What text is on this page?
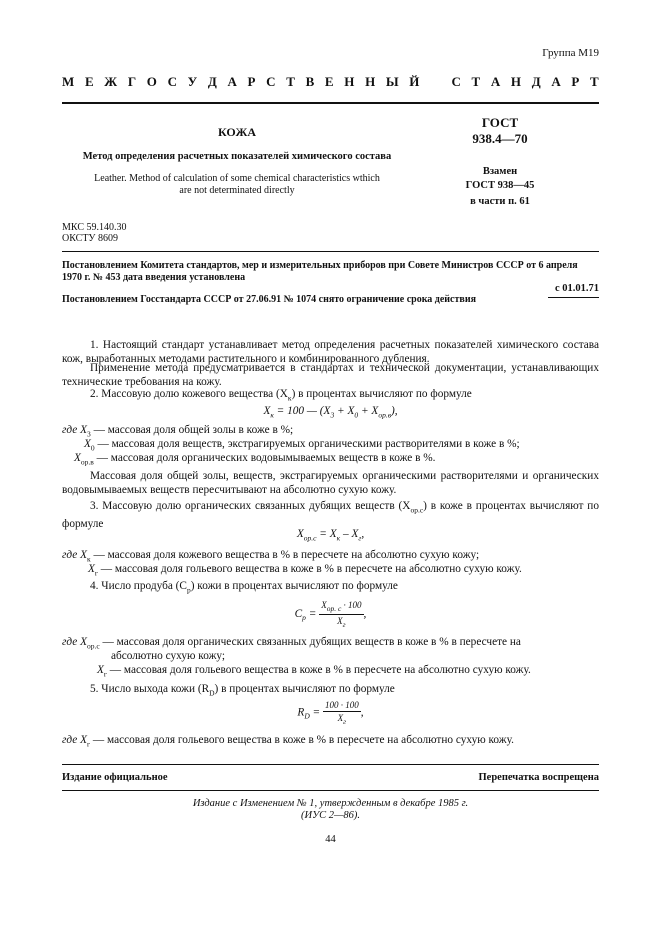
Группа М19
М Е Ж Г О С У Д А Р С Т В Е Н Н Ы Й С Т А Н Д А Р Т
КОЖА
Метод определения расчетных показателей химического состава
Leather. Method of calculation of some chemical characteristics wthich
are not determinated directly
ГОСТ
938.4—70
Взамен
ГОСТ 938—45
в части п. 61
МКС 59.140.30
ОКСТУ 8609
Постановлением Комитета стандартов, мер и измерительных приборов при Совете Министров СССР от 6 апреля
1970 г. № 453 дата введения установлена
с 01.01.71
Постановлением Госстандарта СССР от 27.06.91 № 1074 снято ограничение срока действия
1. Настоящий стандарт устанавливает метод определения расчетных показателей химического состава кож, выработанных методами растительного и комбинированного дубления.
Применение метода предусматривается в стандартах и технической документации, устанавливающих технические требования на кожу.
2. Массовую долю кожевого вещества $(X_к)$ в процентах вычисляют по формуле
$X_к = 100$ — $(X_3 + X_0 + X_{ор.в})$,
где $X_3$ — массовая доля общей золы в коже в %;
$X_0$ — массовая доля веществ, экстрагируемых органическими растворителями в коже в %;
$X_{ор.в}$ — массовая доля органических водовымываемых веществ в коже в %.
Массовая доля общей золы, веществ, экстрагируемых органическими растворителями и органических водовымываемых веществ пересчитывают на абсолютно сухую кожу.
3. Массовую долю органических связанных дубящих веществ $(X_{ор.с})$ в коже в процентах вычисляют по формуле
$X_{ор.с} = X_к - X_г$,
где $X_к$ — массовая доля кожевого вещества в % в пересчете на абсолютно сухую кожу;
$X_г$ — массовая доля гольевого вещества в коже в % в пересчете на абсолютно сухую кожу.
4. Число продуба $(C_p)$ кожи в процентах вычисляют по формуле
$C_p = \frac{X_{ор. с} \cdot 100}{X_г}$ ,
где $X_{ор.с}$ — массовая доля органических связанных дубящих веществ в коже в % в пересчете на
абсолютно сухую кожу;
$X_г$ — массовая доля гольевого вещества в коже в % в пересчете на абсолютно сухую кожу.
5. Число выхода кожи $(R_D)$ в процентах вычисляют по формуле
$R_D = \frac{100 \cdot 100}{X_г}$ ,
где $X_г$ — массовая доля гольевого вещества в коже в % в пересчете на абсолютно сухую кожу.
Издание официальное	Перепечатка воспрещена
Издание с Изменением № 1, утвержденным в декабре 1985 г.
(ИУС 2—86).
44
